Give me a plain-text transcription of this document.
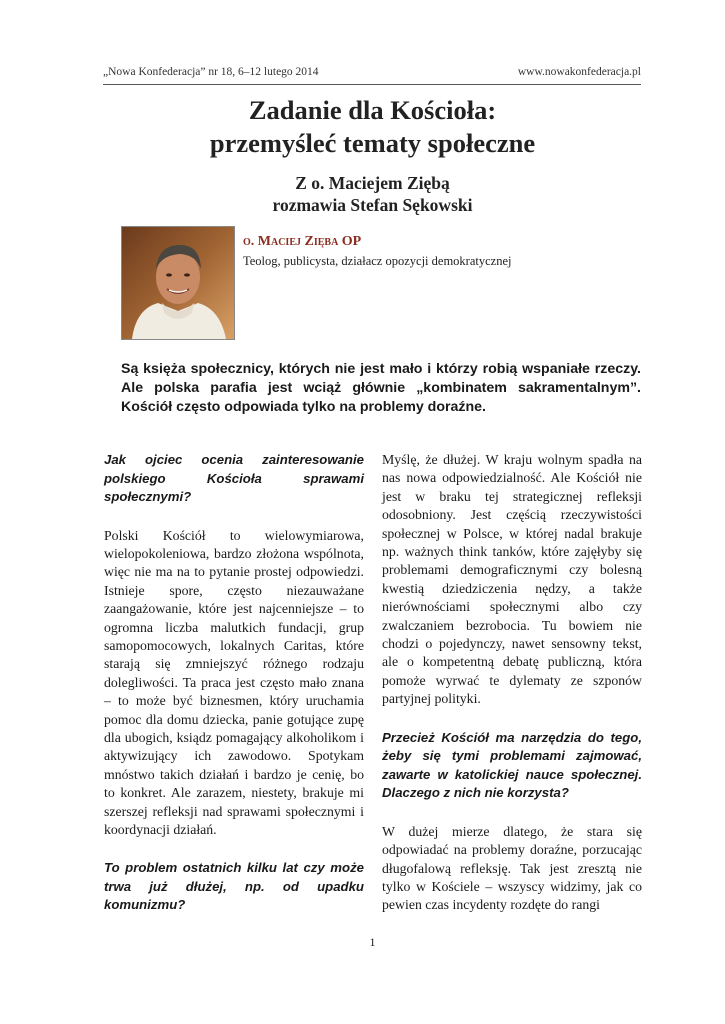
„Nowa Konfederacja” nr 18, 6–12 lutego 2014	www.nowakonfederacja.pl
Zadanie dla Kościoła:
przemyśleć tematy społeczne
Z o. Maciejem Ziębą
rozmawia Stefan Sękowski
o. Maciej Zięba OP
Teolog, publicysta, działacz opozycji demokratycznej
Są księża społecznicy, których nie jest mało i którzy robią wspaniałe rzeczy. Ale polska parafia jest wciąż głównie „kombinatem sakramentalnym”. Kościół często odpowiada tylko na problemy doraźne.

Jak ojciec ocenia zainteresowanie polskiego Kościoła sprawami społecznymi?

Polski Kościół to wielowymiarowa, wielopokoleniowa, bardzo złożona wspólnota, więc nie ma na to pytanie prostej odpowiedzi. Istnieje spore, często niezauważane zaangażowanie, które jest najcenniejsze – to ogromna liczba malutkich fundacji, grup samopomocowych, lokalnych Caritas, które starają się zmniejszyć różnego rodzaju dolegliwości. Ta praca jest często mało znana – to może być biznesmen, który uruchamia pomoc dla domu dziecka, panie gotujące zupę dla ubogich, ksiądz pomagający alkoholikom i aktywizujący ich zawodowo. Spotykam mnóstwo takich działań i bardzo je cenię, bo to konkret. Ale zarazem, niestety, brakuje mi szerszej refleksji nad sprawami społecznymi i koordynacji działań.

To problem ostatnich kilku lat czy może trwa już dłużej, np. od upadku komunizmu?

Myślę, że dłużej. W kraju wolnym spadła na nas nowa odpowiedzialność. Ale Kościół nie jest w braku tej strategicznej refleksji odosobniony. Jest częścią rzeczywistości społecznej w Polsce, w której nadal brakuje np. ważnych think tanków, które zajęłyby się problemami demograficznymi czy bolesną kwestią dziedziczenia nędzy, a także nierównościami społecznymi albo czy zwalczaniem bezrobocia. Tu bowiem nie chodzi o pojedynczy, nawet sensowny tekst, ale o kompetentną debatę publiczną, która pomoże wyrwać te dylematy ze szponów partyjnej polityki.

Przecież Kościół ma narzędzia do tego, żeby się tymi problemami zajmować, zawarte w katolickiej nauce społecznej. Dlaczego z nich nie korzysta?

W dużej mierze dlatego, że stara się odpowiadać na problemy doraźne, porzucając długofalową refleksję. Tak jest zresztą nie tylko w Kościele – wszyscy widzimy, jak co pewien czas incydenty rozdęte do rangi

1
